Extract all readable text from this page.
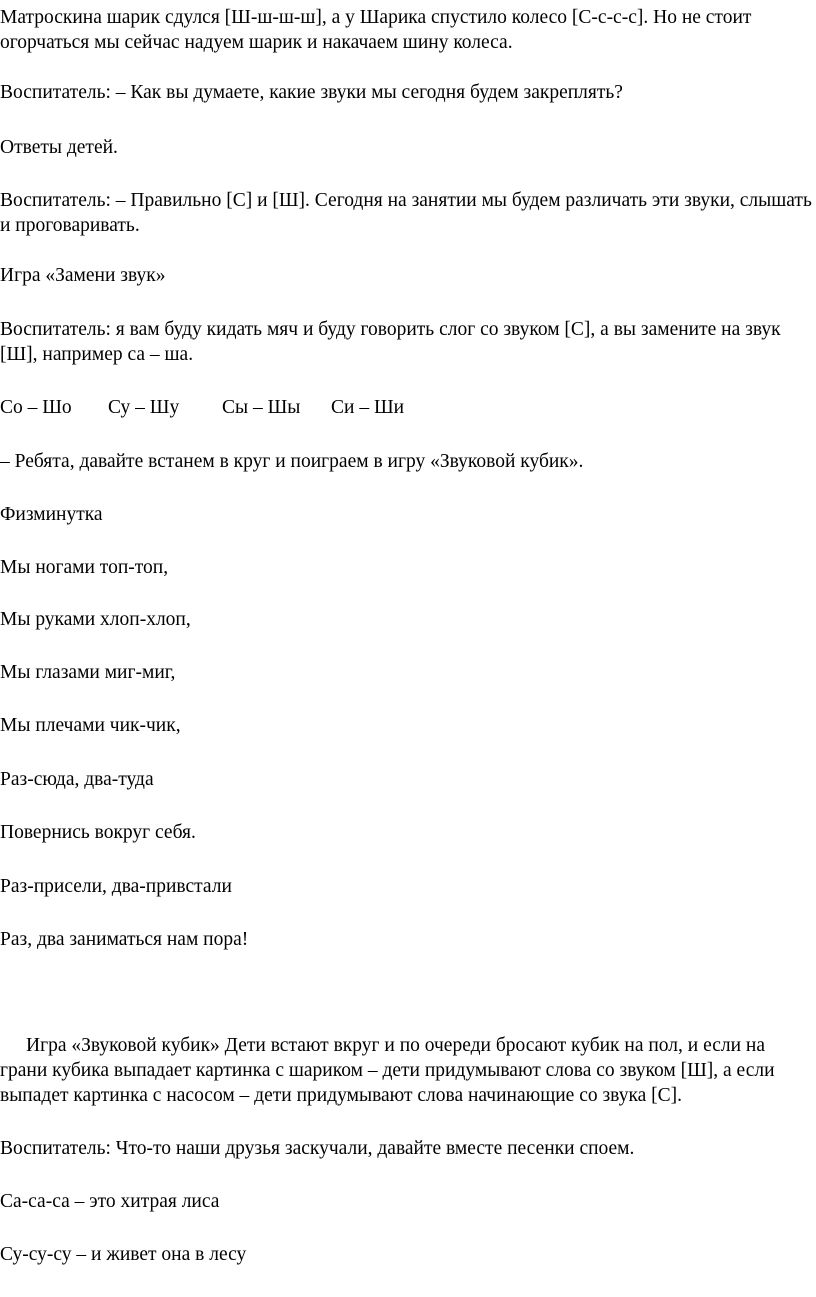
Матроскина шарик сдулся [Ш-ш-ш-ш], а у Шарика спустило колесо [С-с-с-с]. Но не стоит огорчаться мы сейчас надуем шарик и накачаем шину колеса.

Воспитатель: – Как вы думаете, какие звуки мы сегодня будем закреплять?

Ответы детей.

Воспитатель: – Правильно [С] и [Ш]. Сегодня на занятии мы будем различать эти звуки, слышать и проговаривать.

Игра «Замени звук»

Воспитатель: я вам буду кидать мяч и буду говорить слог со звуком [С], а вы замените на звук [Ш], например са – ша.

Со – Шо Су – Шу Сы – Шы Си – Ши

– Ребята, давайте встанем в круг и поиграем в игру «Звуковой кубик».

Физминутка

Мы ногами топ-топ,

Мы руками хлоп-хлоп,

Мы глазами миг-миг,

Мы плечами чик-чик,

Раз-сюда, два-туда

Повернись вокруг себя.

Раз-присели, два-привстали

Раз, два заниматься нам пора!

Игра «Звуковой кубик» Дети встают вкруг и по очереди бросают кубик на пол, и если на грани кубика выпадает картинка с шариком – дети придумывают слова со звуком [Ш], а если выпадет картинка с насосом – дети придумывают слова начинающие со звука [С].

Воспитатель: Что-то наши друзья заскучали, давайте вместе песенки споем.

Са-са-са – это хитрая лиса

Су-су-су – и живет она в лесу
